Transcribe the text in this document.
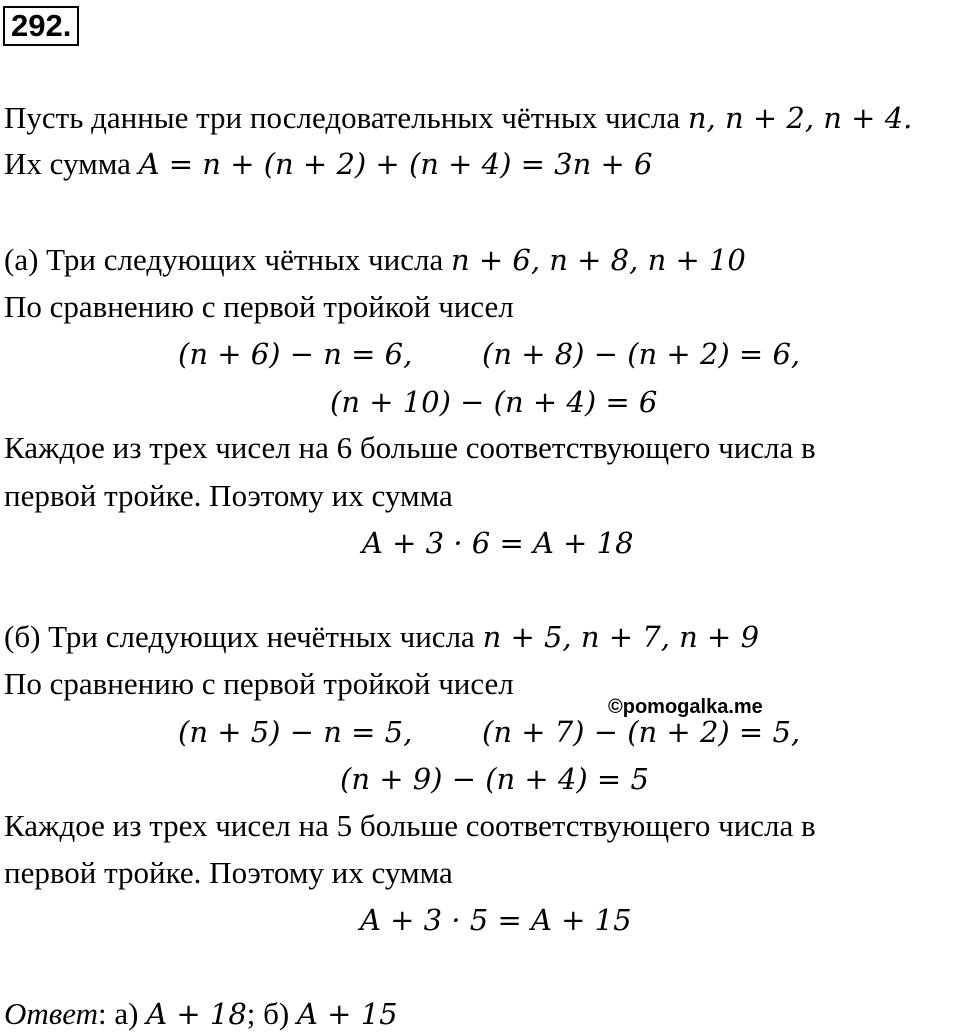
292.
Пусть данные три последовательных чётных числа n, n + 2, n + 4.
Их сумма A = n + (n + 2) + (n + 4) = 3n + 6
(а) Три следующих чётных числа n + 6, n + 8, n + 10
По сравнению с первой тройкой чисел
(n + 6) − n = 6, (n + 8) − (n + 2) = 6,
(n + 10) − (n + 4) = 6
Каждое из трех чисел на 6 больше соответствующего числа в
первой тройке. Поэтому их сумма
A + 3 · 6 = A + 18
(б) Три следующих нечётных числа n + 5, n + 7, n + 9
По сравнению с первой тройкой чисел
©pomogalka.me
(n + 5) − n = 5, (n + 7) − (n + 2) = 5,
(n + 9) − (n + 4) = 5
Каждое из трех чисел на 5 больше соответствующего числа в
первой тройке. Поэтому их сумма
A + 3 · 5 = A + 15
Ответ: а) A + 18; б) A + 15
